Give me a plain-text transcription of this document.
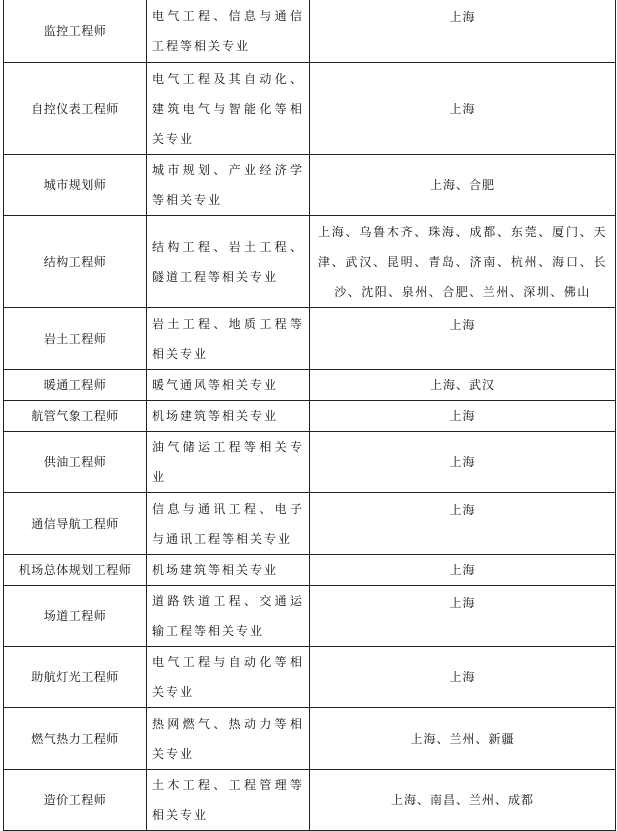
监控工程师	电气工程、信息与通信工程等相关专业	上海
自控仪表工程师	电气工程及其自动化、建筑电气与智能化等相关专业	上海
城市规划师	城市规划、产业经济学等相关专业	上海、合肥
结构工程师	结构工程、岩土工程、隧道工程等相关专业	上海、乌鲁木齐、珠海、成都、东莞、厦门、天津、武汉、昆明、青岛、济南、杭州、海口、长沙、沈阳、泉州、合肥、兰州、深圳、佛山
岩土工程师	岩土工程、地质工程等相关专业	上海
暖通工程师	暖气通风等相关专业	上海、武汉
航管气象工程师	机场建筑等相关专业	上海
供油工程师	油气储运工程等相关专业	上海
通信导航工程师	信息与通讯工程、电子与通讯工程等相关专业	上海
机场总体规划工程师	机场建筑等相关专业	上海
场道工程师	道路铁道工程、交通运输工程等相关专业	上海
助航灯光工程师	电气工程与自动化等相关专业	上海
燃气热力工程师	热网燃气、热动力等相关专业	上海、兰州、新疆
造价工程师	土木工程、工程管理等相关专业	上海、南昌、兰州、成都
